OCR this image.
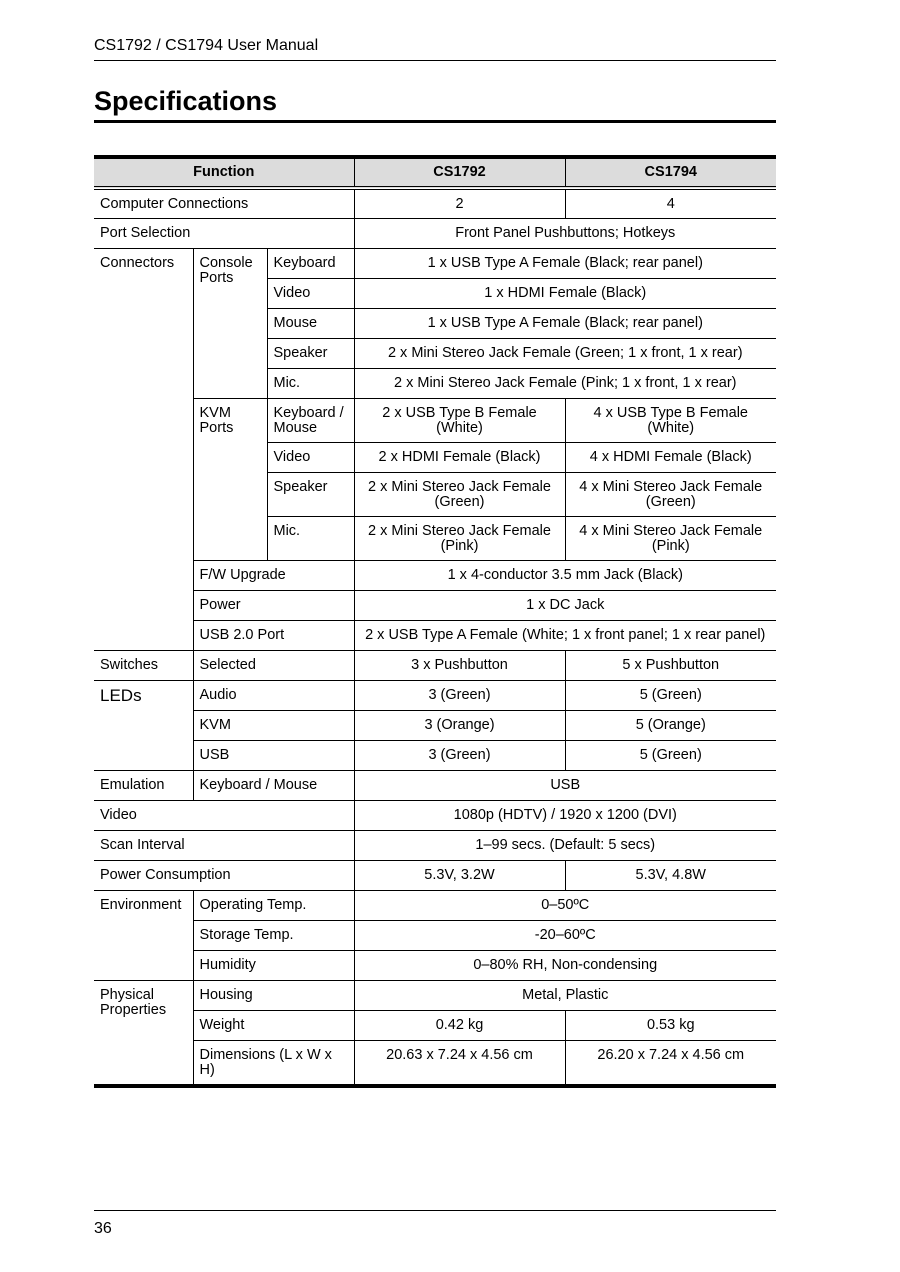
CS1792 / CS1794 User Manual
Specifications
Function			CS1792	CS1794
Computer Connections			2	4
Port Selection			Front Panel Pushbuttons; Hotkeys	
Connectors	Console Ports	Keyboard	1 x USB Type A Female (Black; rear panel)	
		Video	1 x HDMI Female (Black)	
		Mouse	1 x USB Type A Female (Black; rear panel)	
		Speaker	2 x Mini Stereo Jack Female (Green; 1 x front, 1 x rear)	
		Mic.	2 x Mini Stereo Jack Female (Pink; 1 x front, 1 x rear)	
	KVM Ports	Keyboard / Mouse	2 x USB Type B Female (White)	4 x USB Type B Female (White)
		Video	2 x HDMI Female (Black)	4 x HDMI Female (Black)
		Speaker	2 x Mini Stereo Jack Female (Green)	4 x Mini Stereo Jack Female (Green)
		Mic.	2 x Mini Stereo Jack Female (Pink)	4 x Mini Stereo Jack Female (Pink)
	F/W Upgrade		1 x 4-conductor 3.5 mm Jack (Black)	
	Power		1 x DC Jack	
	USB 2.0 Port		2 x USB Type A Female (White; 1 x front panel; 1 x rear panel)	
Switches	Selected		3 x Pushbutton	5 x Pushbutton
LEDs	Audio		3 (Green)	5 (Green)
	KVM		3 (Orange)	5 (Orange)
	USB		3 (Green)	5 (Green)
Emulation	Keyboard / Mouse		USB	
Video			1080p (HDTV) / 1920 x 1200 (DVI)	
Scan Interval			1–99 secs. (Default: 5 secs)	
Power Consumption			5.3V, 3.2W	5.3V, 4.8W
Environment	Operating Temp.		0–50ºC	
	Storage Temp.		-20–60ºC	
	Humidity		0–80% RH, Non-condensing	
Physical Properties	Housing		Metal, Plastic	
	Weight		0.42 kg	0.53 kg
	Dimensions (L x W x H)		20.63 x 7.24 x 4.56 cm	26.20 x 7.24 x 4.56 cm
36
